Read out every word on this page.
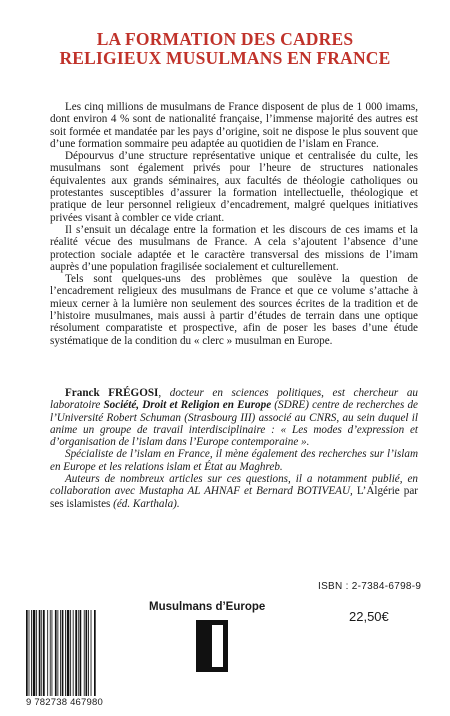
LA FORMATION DES CADRES
RELIGIEUX MUSULMANS EN FRANCE

Les cinq millions de musulmans de France disposent de plus de 1 000 imams, dont environ 4 % sont de nationalité française, l’immense majorité des autres est soit formée et mandatée par les pays d’origine, soit ne dispose le plus souvent que d’une formation sommaire peu adaptée au quotidien de l’islam en France.

Dépourvus d’une structure représentative unique et centralisée du culte, les musulmans sont également privés pour l’heure de structures nationales équivalentes aux grands séminaires, aux facultés de théologie catholiques ou protestantes susceptibles d’assurer la formation intellectuelle, théologique et pratique de leur personnel religieux d’encadrement, malgré quelques initiatives privées visant à combler ce vide criant.

Il s’ensuit un décalage entre la formation et les discours de ces imams et la réalité vécue des musulmans de France. A cela s’ajoutent l’absence d’une protection sociale adaptée et le caractère transversal des missions de l’imam auprès d’une population fragilisée socialement et culturellement.

Tels sont quelques-uns des problèmes que soulève la question de l’encadrement religieux des musulmans de France et que ce volume s’attache à mieux cerner à la lumière non seulement des sources écrites de la tradition et de l’histoire musulmanes, mais aussi à partir d’études de terrain dans une optique résolument comparatiste et prospective, afin de poser les bases d’une étude systématique de la condition du « clerc » musulman en Europe.

Franck FRÉGOSI, docteur en sciences politiques, est chercheur au laboratoire Société, Droit et Religion en Europe (SDRE) centre de recherches de l’Université Robert Schuman (Strasbourg III) associé au CNRS, au sein duquel il anime un groupe de travail interdisciplinaire : « Les modes d’expression et d’organisation de l’islam dans l’Europe contemporaine ».

Spécialiste de l’islam en France, il mène également des recherches sur l’islam en Europe et les relations islam et État au Maghreb.

Auteurs de nombreux articles sur ces questions, il a notamment publié, en collaboration avec Mustapha AL AHNAF et Bernard BOTIVEAU, L’Algérie par ses islamistes (éd. Karthala).

ISBN : 2-7384-6798-9
Musulmans d’Europe
22,50€
9 782738 467980
